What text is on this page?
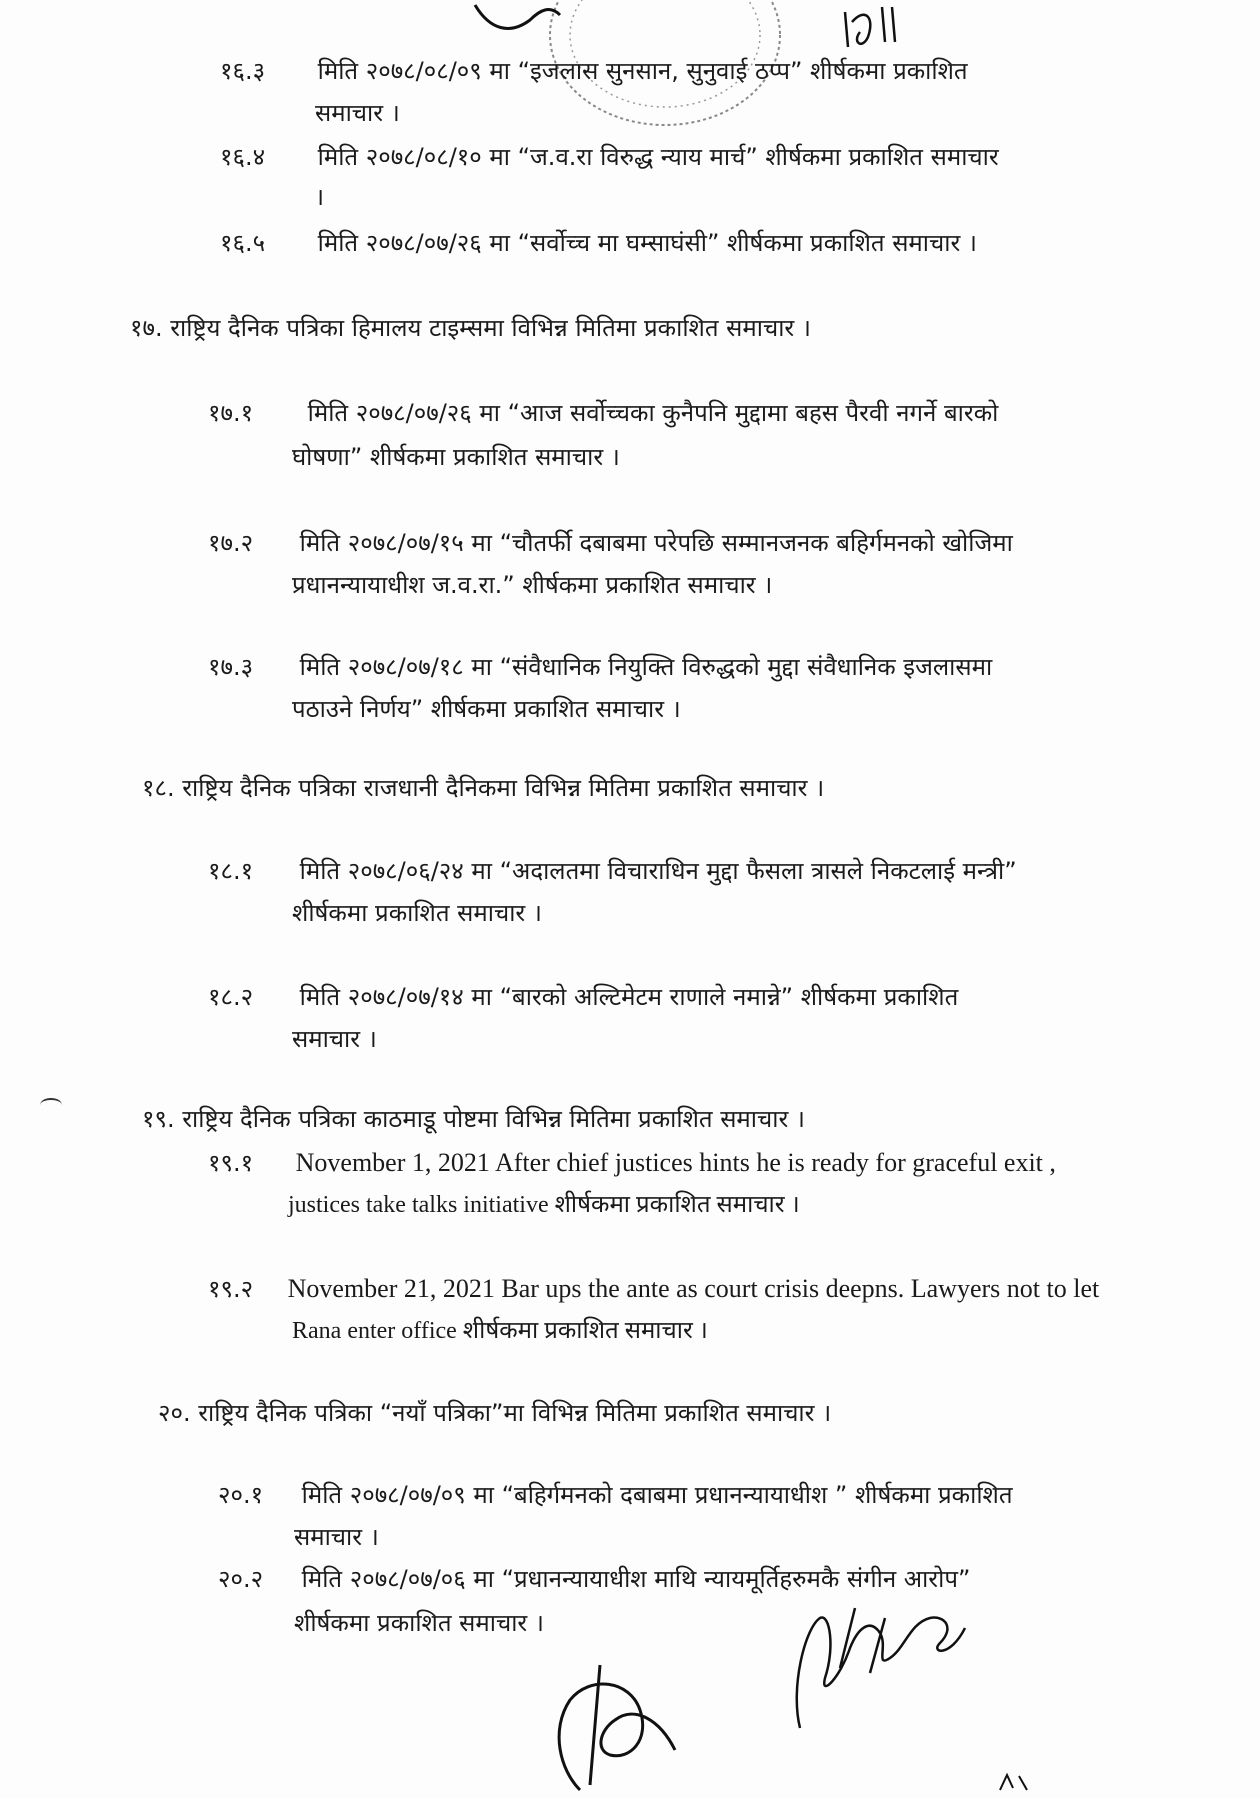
१६.३ मिति २०७८/०८/०९ मा “इजलास सुनसान, सुनुवाई ठप्प” शीर्षकमा प्रकाशित
समाचार ।
१६.४ मिति २०७८/०८/१० मा “ज.व.रा विरुद्ध न्याय मार्च” शीर्षकमा प्रकाशित समाचार
।
१६.५ मिति २०७८/०७/२६ मा “सर्वोच्च मा घम्साघंसी” शीर्षकमा प्रकाशित समाचार ।
१७. राष्ट्रिय दैनिक पत्रिका हिमालय टाइम्समा विभिन्न मितिमा प्रकाशित समाचार ।
१७.१ मिति २०७८/०७/२६ मा “आज सर्वोच्चका कुनैपनि मुद्दामा बहस पैरवी नगर्ने बारको
घोषणा” शीर्षकमा प्रकाशित समाचार ।
१७.२ मिति २०७८/०७/१५ मा “चौतर्फी दबाबमा परेपछि सम्मानजनक बहिर्गमनको खोजिमा
प्रधानन्यायाधीश ज.व.रा.” शीर्षकमा प्रकाशित समाचार ।
१७.३ मिति २०७८/०७/१८ मा “संवैधानिक नियुक्ति विरुद्धको मुद्दा संवैधानिक इजलासमा
पठाउने निर्णय” शीर्षकमा प्रकाशित समाचार ।
१८. राष्ट्रिय दैनिक पत्रिका राजधानी दैनिकमा विभिन्न मितिमा प्रकाशित समाचार ।
१८.१ मिति २०७८/०६/२४ मा “अदालतमा विचाराधिन मुद्दा फैसला त्रासले निकटलाई मन्त्री”
शीर्षकमा प्रकाशित समाचार ।
१८.२ मिति २०७८/०७/१४ मा “बारको अल्टिमेटम राणाले नमान्ने” शीर्षकमा प्रकाशित
समाचार ।
१९. राष्ट्रिय दैनिक पत्रिका काठमाडू पोष्टमा विभिन्न मितिमा प्रकाशित समाचार ।
१९.१ November 1, 2021 After chief justices hints he is ready for graceful exit ,
justices take talks initiative शीर्षकमा प्रकाशित समाचार ।
१९.२ November 21, 2021 Bar ups the ante as court crisis deepns. Lawyers not to let
Rana enter office शीर्षकमा प्रकाशित समाचार ।
२०. राष्ट्रिय दैनिक पत्रिका “नयाँ पत्रिका”मा विभिन्न मितिमा प्रकाशित समाचार ।
२०.१ मिति २०७८/०७/०९ मा “बहिर्गमनको दबाबमा प्रधानन्यायाधीश ” शीर्षकमा प्रकाशित
समाचार ।
२०.२ मिति २०७८/०७/०६ मा “प्रधानन्यायाधीश माथि न्यायमूर्तिहरुमकै संगीन आरोप”
शीर्षकमा प्रकाशित समाचार ।
